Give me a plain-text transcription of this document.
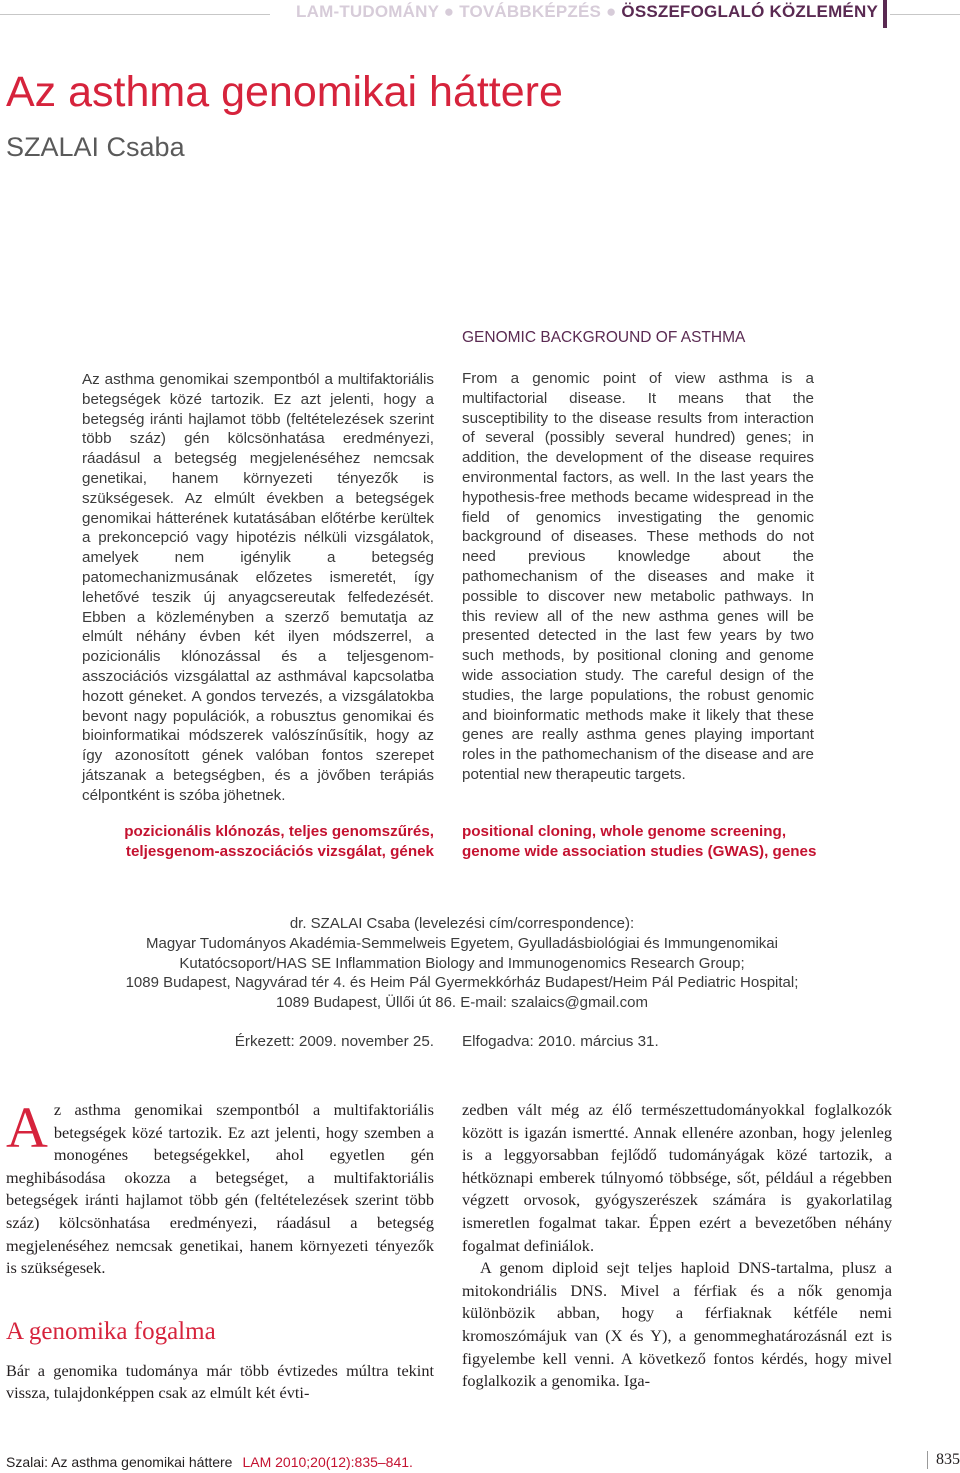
LAM-TUDOMÁNY ● TOVÁBBKÉPZÉS ● ÖSSZEFOGLALÓ KÖZLEMÉNY
Az asthma genomikai háttere
SZALAI Csaba

Az asthma genomikai szempontból a multifaktoriális betegségek közé tartozik. Ez azt jelenti, hogy a betegség iránti hajlamot több (feltételezések szerint több száz) gén kölcsönhatása eredményezi, ráadásul a betegség megjelenéséhez nemcsak genetikai, hanem környezeti tényezők is szükségesek. Az elmúlt években a betegségek genomikai hátterének kutatásában előtérbe kerültek a prekoncepció vagy hipotézis nélküli vizsgálatok, amelyek nem igénylik a betegség patomechanizmusának előzetes ismeretét, így lehetővé teszik új anyagcsereutak felfedezését. Ebben a közleményben a szerző bemutatja az elmúlt néhány évben két ilyen módszerrel, a pozicionális klónozással és a teljesgenom-asszociációs vizsgálattal az asthmával kapcsolatba hozott géneket. A gondos tervezés, a vizsgálatokba bevont nagy populációk, a robusztus genomikai és bioinformatikai módszerek valószínűsítik, hogy az így azonosított gének valóban fontos szerepet játszanak a betegségben, és a jövőben terápiás célpontként is szóba jöhetnek.

GENOMIC BACKGROUND OF ASTHMA

From a genomic point of view asthma is a multifactorial disease. It means that the susceptibility to the disease results from interaction of several (possibly several hundred) genes; in addition, the development of the disease requires environmental factors, as well. In the last years the hypothesis-free methods became widespread in the field of genomics investigating the genomic background of diseases. These methods do not need previous knowledge about the pathomechanism of the diseases and make it possible to discover new metabolic pathways. In this review all of the new asthma genes will be presented detected in the last few years by two such methods, by positional cloning and genome wide association study. The careful design of the studies, the large populations, the robust genomic and bioinformatic methods make it likely that these genes are really asthma genes playing important roles in the pathomechanism of the disease and are potential new therapeutic targets.

pozicionális klónozás, teljes genomszűrés, teljesgenom-asszociációs vizsgálat, gének

positional cloning, whole genome screening, genome wide association studies (GWAS), genes

dr. SZALAI Csaba (levelezési cím/correspondence):
Magyar Tudományos Akadémia-Semmelweis Egyetem, Gyulladásbiológiai és Immungenomikai
Kutatócsoport/HAS SE Inflammation Biology and Immunogenomics Research Group;
1089 Budapest, Nagyvárad tér 4. és Heim Pál Gyermekkórház Budapest/Heim Pál Pediatric Hospital;
1089 Budapest, Üllői út 86. E-mail: szalaics@gmail.com
Érkezett: 2009. november 25. Elfogadva: 2010. március 31.

Az asthma genomikai szempontból a multifaktoriális betegségek közé tartozik. Ez azt jelenti, hogy szemben a monogénes betegségekkel, ahol egyetlen gén meghibásodása okozza a betegséget, a multifaktoriális betegségek iránti hajlamot több gén (feltételezések szerint több száz) kölcsönhatása eredményezi, ráadásul a betegség megjelenéséhez nemcsak genetikai, hanem környezeti tényezők is szükségesek.

A genomika fogalma

Bár a genomika tudománya már több évtizedes múltra tekint vissza, tulajdonképpen csak az elmúlt két évti-

zedben vált még az élő természettudományokkal foglalkozók között is igazán ismertté. Annak ellenére azonban, hogy jelenleg is a leggyorsabban fejlődő tudományágak közé tartozik, a hétköznapi emberek túlnyomó többsége, sőt, például a régebben végzett orvosok, gyógyszerészek számára is gyakorlatilag ismeretlen fogalmat takar. Éppen ezért a bevezetőben néhány fogalmat definiálok.

A genom diploid sejt teljes haploid DNS-tartalma, plusz a mitokondriális DNS. Mivel a férfiak és a nők genomja különbözik abban, hogy a férfiaknak kétféle nemi kromoszómájuk van (X és Y), a genommeghatározásnál ezt is figyelembe kell venni. A következő fontos kérdés, hogy mivel foglalkozik a genomika. Iga-

Szalai: Az asthma genomikai háttere LAM 2010;20(12):835–841.	835
